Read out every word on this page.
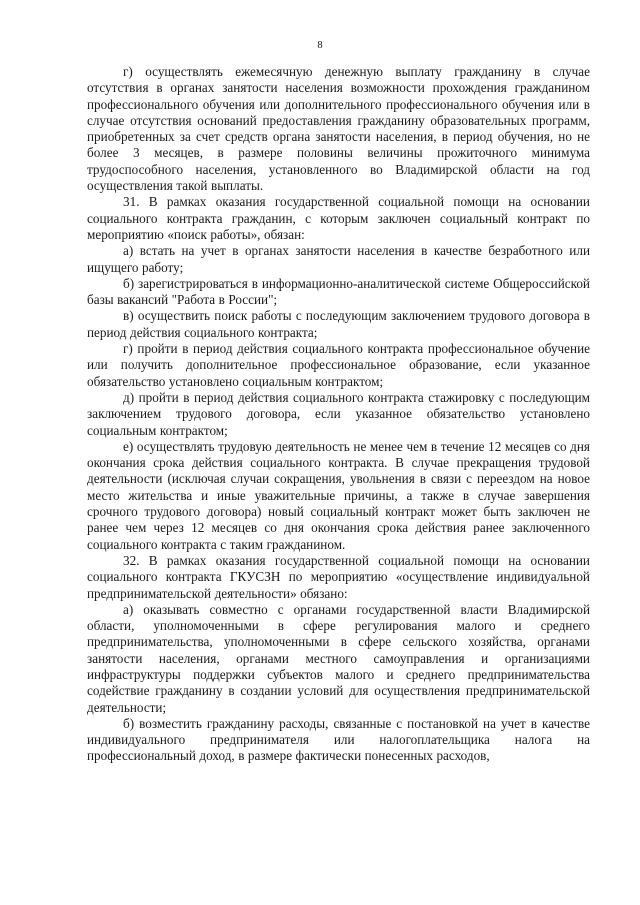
8

г) осуществлять ежемесячную денежную выплату гражданину в случае отсутствия в органах занятости населения возможности прохождения гражданином профессионального обучения или дополнительного профессионального обучения или в случае отсутствия оснований предоставления гражданину образовательных программ, приобретенных за счет средств органа занятости населения, в период обучения, но не более 3 месяцев, в размере половины величины прожиточного минимума трудоспособного населения, установленного во Владимирской области на год осуществления такой выплаты.

31. В рамках оказания государственной социальной помощи на основании социального контракта гражданин, с которым заключен социальный контракт по мероприятию «поиск работы», обязан:

а) встать на учет в органах занятости населения в качестве безработного или ищущего работу;

б) зарегистрироваться в информационно-аналитической системе Общероссийской базы вакансий "Работа в России";

в) осуществить поиск работы с последующим заключением трудового договора в период действия социального контракта;

г) пройти в период действия социального контракта профессиональное обучение или получить дополнительное профессиональное образование, если указанное обязательство установлено социальным контрактом;

д) пройти в период действия социального контракта стажировку с последующим заключением трудового договора, если указанное обязательство установлено социальным контрактом;

е) осуществлять трудовую деятельность не менее чем в течение 12 месяцев со дня окончания срока действия социального контракта. В случае прекращения трудовой деятельности (исключая случаи сокращения, увольнения в связи с переездом на новое место жительства и иные уважительные причины, а также в случае завершения срочного трудового договора) новый социальный контракт может быть заключен не ранее чем через 12 месяцев со дня окончания срока действия ранее заключенного социального контракта с таким гражданином.

32. В рамках оказания государственной социальной помощи на основании социального контракта ГКУСЗН по мероприятию «осуществление индивидуальной предпринимательской деятельности» обязано:

а) оказывать совместно с органами государственной власти Владимирской области, уполномоченными в сфере регулирования малого и среднего предпринимательства, уполномоченными в сфере сельского хозяйства, органами занятости населения, органами местного самоуправления и организациями инфраструктуры поддержки субъектов малого и среднего предпринимательства содействие гражданину в создании условий для осуществления предпринимательской деятельности;

б) возместить гражданину расходы, связанные с постановкой на учет в качестве индивидуального предпринимателя или налогоплательщика налога на профессиональный доход, в размере фактически понесенных расходов,
